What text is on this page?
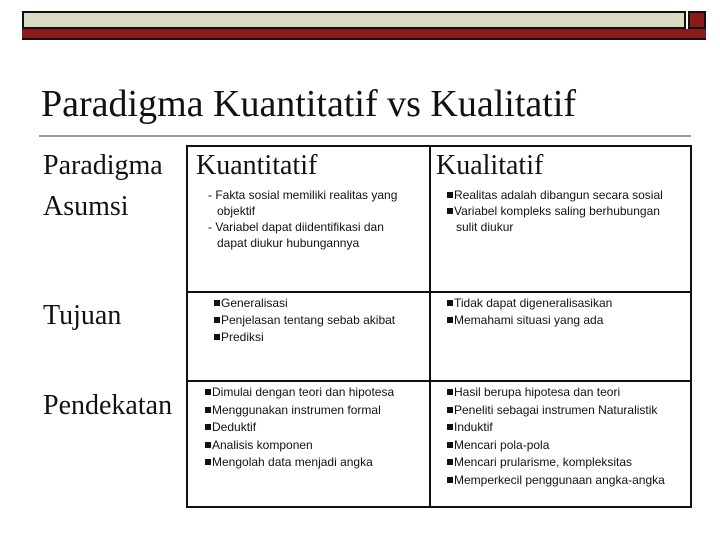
Paradigma Kuantitatif vs Kualitatif
Paradigma Kuantitatif	Kualitatif
Asumsi
Tujuan
Pendekatan

- Fakta sosial memiliki realitas yang

objektif

- Variabel dapat diidentifikasi dan

dapat diukur hubungannya

Realitas adalah dibangun secara sosial

Variabel kompleks saling berhubungan

sulit diukur

Generalisasi

Penjelasan tentang sebab akibat

Prediksi

Tidak dapat digeneralisasikan

Memahami situasi yang ada

Dimulai dengan teori dan hipotesa

Menggunakan instrumen formal

Deduktif

Analisis komponen

Mengolah data menjadi angka

Hasil berupa hipotesa dan teori

Peneliti sebagai instrumen Naturalistik

Induktif

Mencari pola-pola

Mencari prularisme, kompleksitas

Memperkecil penggunaan angka-angka
